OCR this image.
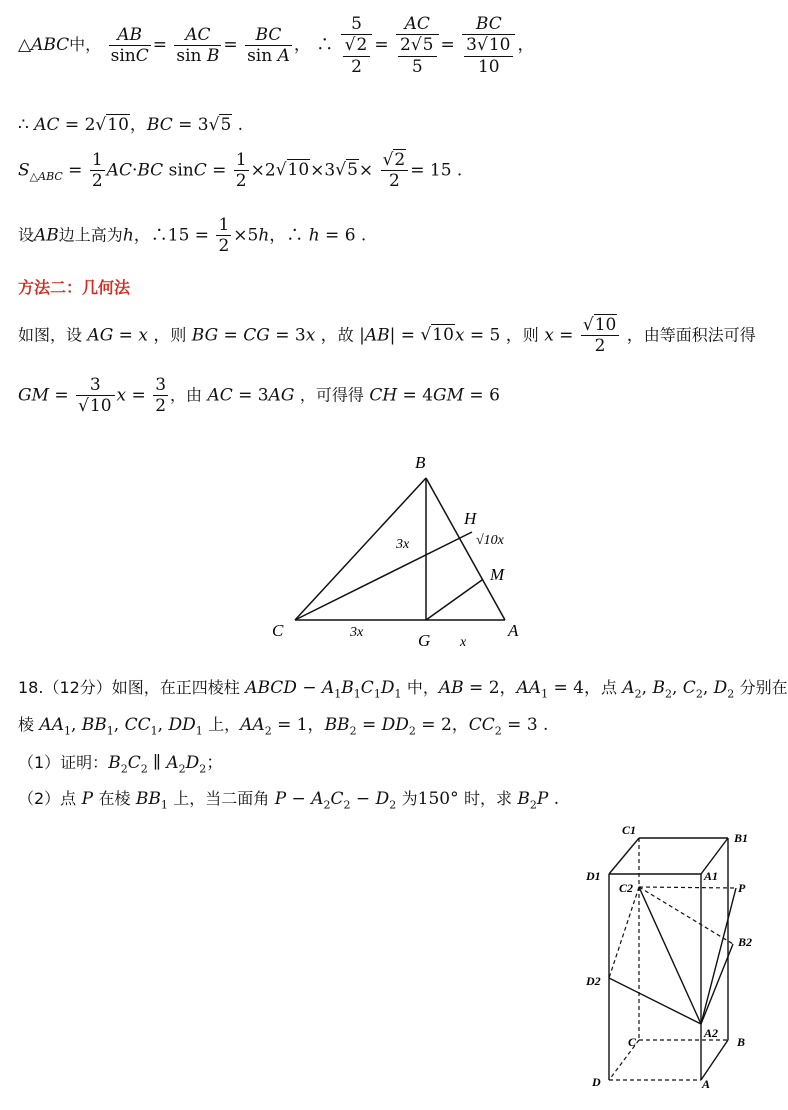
△ABC中， $\frac{AB}{\sin C} = \frac{AC}{\text{sin B}} = \frac{BC}{\text{sin A}}$ ， ∴ 5
$√\frac{2}{2} = \frac{AC}{\frac{2√ 5}{5}} = \frac{BC}{\frac{3√ 10}{10}}$ ，
∴ AC = 2√ 10，BC = 3√ 5 .
$S_{\triangle ABC} = \frac{1}{2} AC\cdot BC$ $\sin C = \frac{1}{2} \times 2√$ 10×3√ 5×
√ $\frac{2}{2} = 15$ .
设AB边上高为h，∴15 = $\frac{1}{2} \times 5h$，∴ h = 6 .
方法二：几何法
如图，设 AG = x ，则 BG = CG = 3x ，故 |AB| = √10x = 5 ，则 x =
√ $\frac{10}{2}$ ，由等面积法可得
GM = 3
√10 $x = \frac{3}{2}$ ，由 AC = 3AG ，可得得 CH = 4GM = 6
B
C	A
G
H
M
3x
3x
x
√10x
18.（12分）如图，在正四棱柱 ABCD − $A_1B_1C_1D_1$ 中，AB = 2，$AA_1 = 4$，点 $A_2$, $B_2$, $C_2$, $D_2$ 分别在
棱 $AA_1$, $BB_1$, $CC_1$, $DD_1$ 上，$AA_2 = 1$，$BB_2 = DD_2 = 2$，$CC_2 = 3$ .
（1）证明：$B_2C_2$ ∥ $A_2D_2$；
（2）点 P 在棱 $BB_1$ 上，当二面角 $P - A_2C_2 - D_2$ 为150° 时，求 $B_2P$ .
C1
B1
D1	A1
C2	P
B2
D2
A2
C	B
D	A
